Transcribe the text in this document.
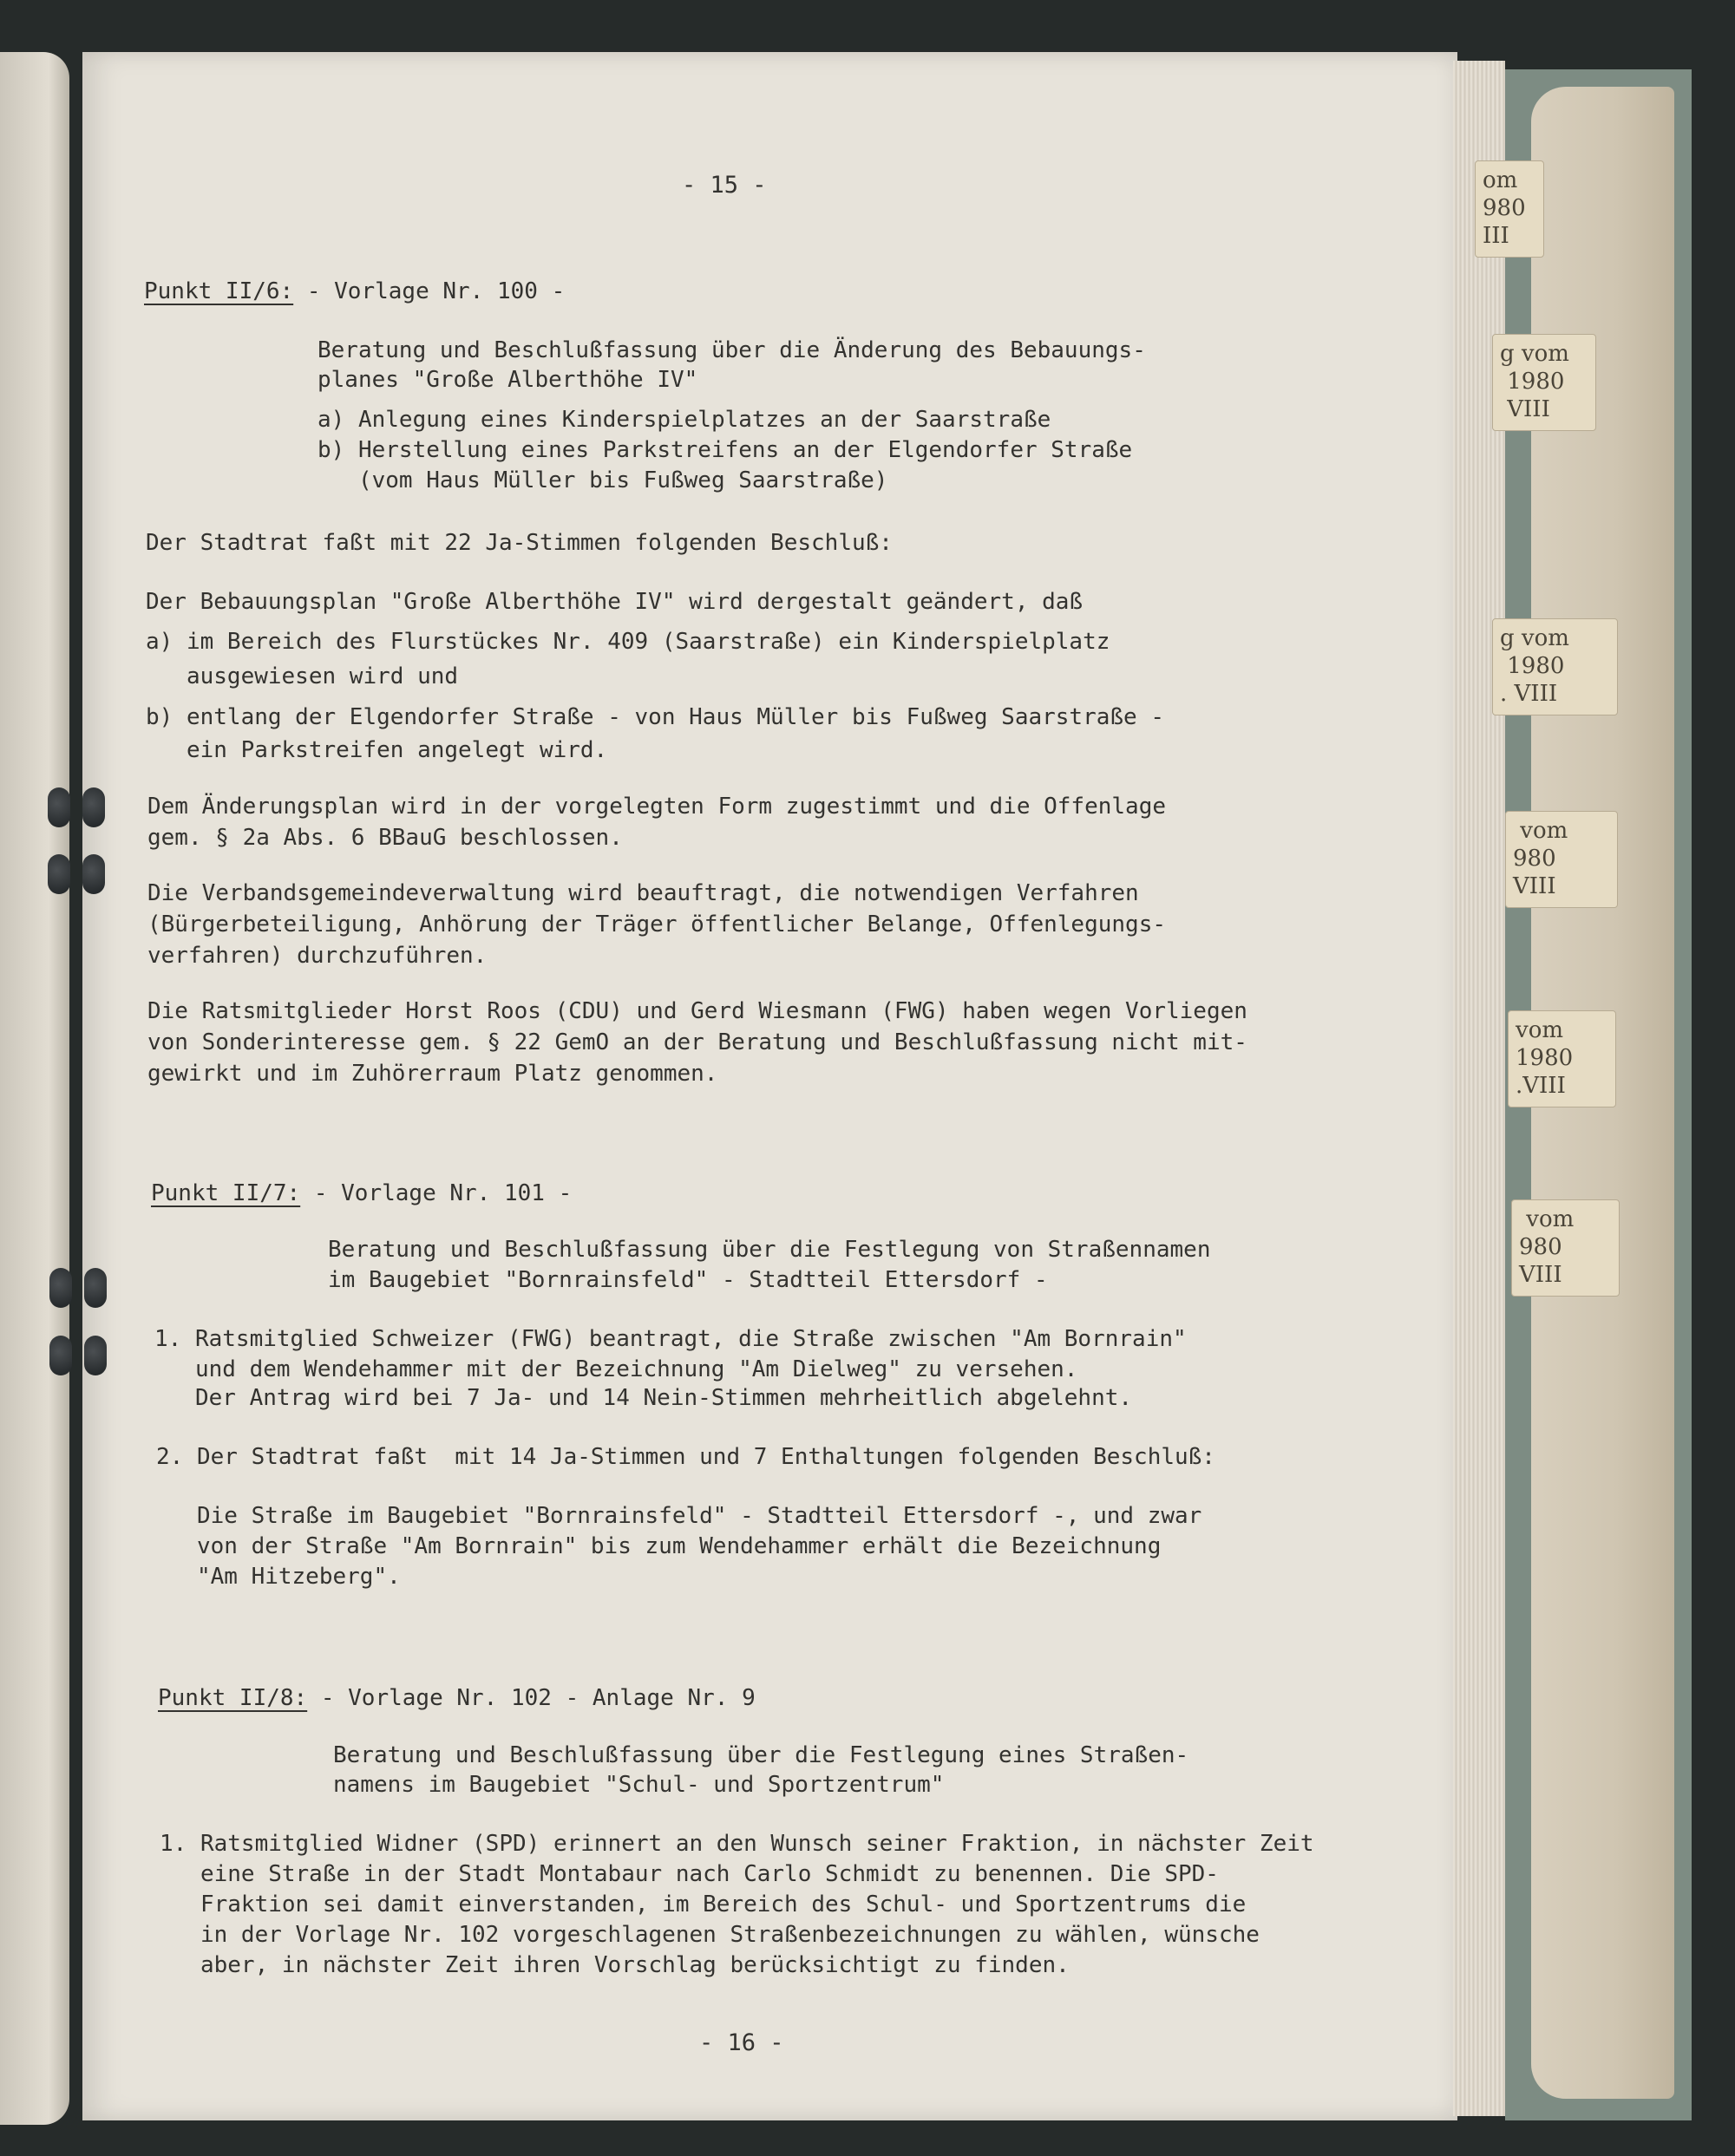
om
980
III
g vom
1980
VIII
g vom
1980
. VIII
vom
980
VIII
vom
1980
.VIII
vom
980
VIII
- 15 -
Punkt II/6: - Vorlage Nr. 100 -
Beratung und Beschlußfassung über die Änderung des Bebauungs-
planes "Große Alberthöhe IV"
a) Anlegung eines Kinderspielplatzes an der Saarstraße
b) Herstellung eines Parkstreifens an der Elgendorfer Straße
(vom Haus Müller bis Fußweg Saarstraße)
Der Stadtrat faßt mit 22 Ja-Stimmen folgenden Beschluß:
Der Bebauungsplan "Große Alberthöhe IV" wird dergestalt geändert, daß
a) im Bereich des Flurstückes Nr. 409 (Saarstraße) ein Kinderspielplatz
ausgewiesen wird und
b) entlang der Elgendorfer Straße - von Haus Müller bis Fußweg Saarstraße -
ein Parkstreifen angelegt wird.
Dem Änderungsplan wird in der vorgelegten Form zugestimmt und die Offenlage
gem. § 2a Abs. 6 BBauG beschlossen.
Die Verbandsgemeindeverwaltung wird beauftragt, die notwendigen Verfahren
(Bürgerbeteiligung, Anhörung der Träger öffentlicher Belange, Offenlegungs-
verfahren) durchzuführen.
Die Ratsmitglieder Horst Roos (CDU) und Gerd Wiesmann (FWG) haben wegen Vorliegen
von Sonderinteresse gem. § 22 GemO an der Beratung und Beschlußfassung nicht mit-
gewirkt und im Zuhörerraum Platz genommen.
Punkt II/7: - Vorlage Nr. 101 -
Beratung und Beschlußfassung über die Festlegung von Straßennamen
im Baugebiet "Bornrainsfeld" - Stadtteil Ettersdorf -
1. Ratsmitglied Schweizer (FWG) beantragt, die Straße zwischen "Am Bornrain"
und dem Wendehammer mit der Bezeichnung "Am Dielweg" zu versehen.
Der Antrag wird bei 7 Ja- und 14 Nein-Stimmen mehrheitlich abgelehnt.
2. Der Stadtrat faßt  mit 14 Ja-Stimmen und 7 Enthaltungen folgenden Beschluß:
Die Straße im Baugebiet "Bornrainsfeld" - Stadtteil Ettersdorf -, und zwar
von der Straße "Am Bornrain" bis zum Wendehammer erhält die Bezeichnung
"Am Hitzeberg".
Punkt II/8: - Vorlage Nr. 102 - Anlage Nr. 9
Beratung und Beschlußfassung über die Festlegung eines Straßen-
namens im Baugebiet "Schul- und Sportzentrum"
1. Ratsmitglied Widner (SPD) erinnert an den Wunsch seiner Fraktion, in nächster Zeit
eine Straße in der Stadt Montabaur nach Carlo Schmidt zu benennen. Die SPD-
Fraktion sei damit einverstanden, im Bereich des Schul- und Sportzentrums die
in der Vorlage Nr. 102 vorgeschlagenen Straßenbezeichnungen zu wählen, wünsche
aber, in nächster Zeit ihren Vorschlag berücksichtigt zu finden.
- 16 -
